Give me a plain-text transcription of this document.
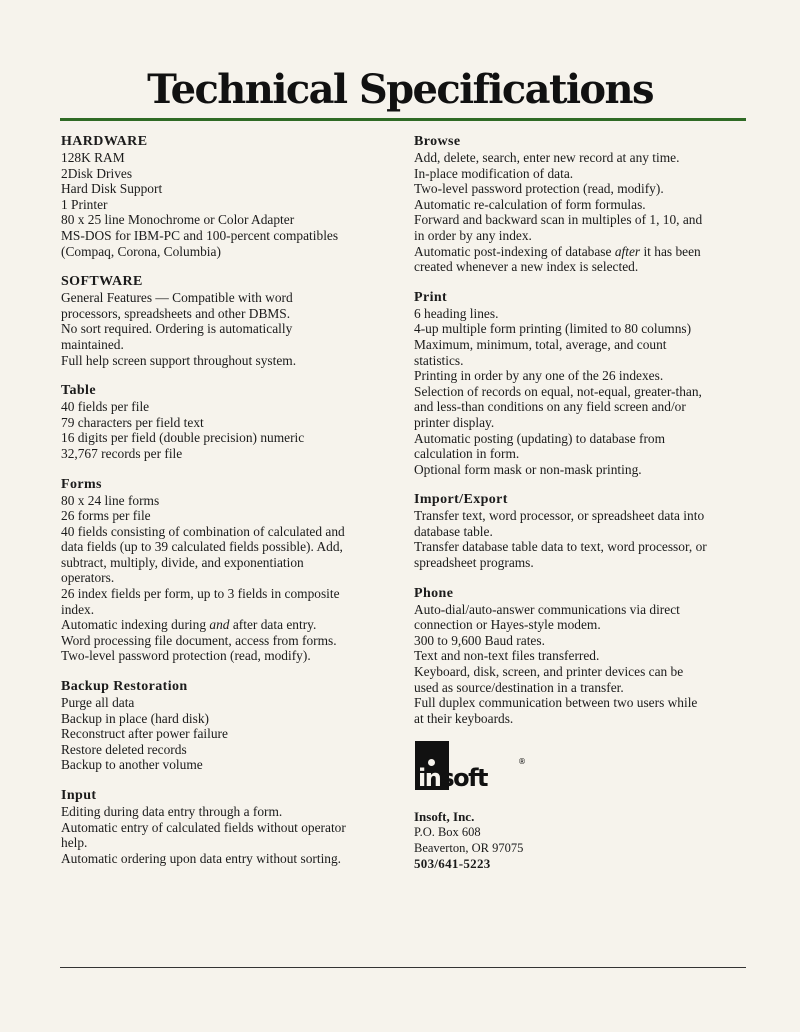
Technical Specifications

HARDWARE

128K RAM

2Disk Drives

Hard Disk Support

1 Printer

80 x 25 line Monochrome or Color Adapter

MS-DOS for IBM-PC and 100-percent compatibles

(Compaq, Corona, Columbia)

SOFTWARE

General Features — Compatible with word

processors, spreadsheets and other DBMS.

No sort required. Ordering is automatically

maintained.

Full help screen support throughout system.

Table

40 fields per file

79 characters per field text

16 digits per field (double precision) numeric

32,767 records per file

Forms

80 x 24 line forms

26 forms per file

40 fields consisting of combination of calculated and

data fields (up to 39 calculated fields possible). Add,

subtract, multiply, divide, and exponentiation

operators.

26 index fields per form, up to 3 fields in composite

index.

Automatic indexing during and after data entry.

Word processing file document, access from forms.

Two-level password protection (read, modify).

Backup Restoration

Purge all data

Backup in place (hard disk)

Reconstruct after power failure

Restore deleted records

Backup to another volume

Input

Editing during data entry through a form.

Automatic entry of calculated fields without operator

help.

Automatic ordering upon data entry without sorting.

Browse

Add, delete, search, enter new record at any time.

In-place modification of data.

Two-level password protection (read, modify).

Automatic re-calculation of form formulas.

Forward and backward scan in multiples of 1, 10, and

in order by any index.

Automatic post-indexing of database after it has been

created whenever a new index is selected.

Print

6 heading lines.

4-up multiple form printing (limited to 80 columns)

Maximum, minimum, total, average, and count

statistics.

Printing in order by any one of the 26 indexes.

Selection of records on equal, not-equal, greater-than,

and less-than conditions on any field screen and/or

printer display.

Automatic posting (updating) to database from

calculation in form.

Optional form mask or non-mask printing.

Import/Export

Transfer text, word processor, or spreadsheet data into

database table.

Transfer database table data to text, word processor, or

spreadsheet programs.

Phone

Auto-dial/auto-answer communications via direct

connection or Hayes-style modem.

300 to 9,600 Baud rates.

Text and non-text files transferred.

Keyboard, disk, screen, and printer devices can be

used as source/destination in a transfer.

Full duplex communication between two users while

at their keyboards.

insoft
®

Insoft, Inc.

P.O. Box 608

Beaverton, OR 97075

503/641-5223
